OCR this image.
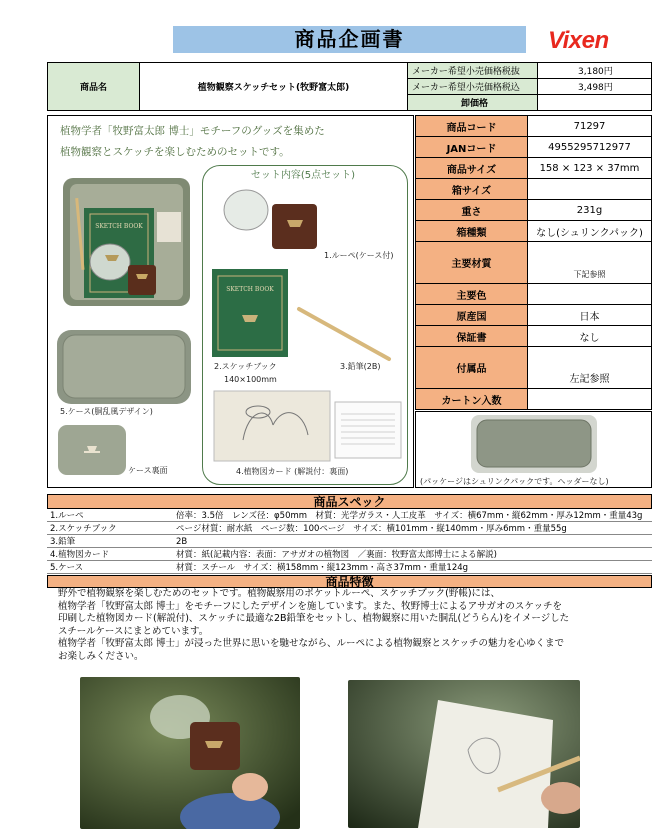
商品企画書	Vixen
商品名	植物観察スケッチセット(牧野富太郎)	メーカー希望小売価格税抜	3,180円
		メーカー希望小売価格税込	3,498円
		卸価格	
植物学者「牧野富太郎 博士」モチーフのグッズを集めた
植物観察とスケッチを楽しむためのセットです。
SKETCH BOOK
5.ケース(胴乱風デザイン)
ケース裏面
セット内容(5点セット)
1.ルーペ(ケース付)
SKETCH BOOK
2.スケッチブック
140×100mm
3.鉛筆(2B)
4.植物図カード (解説付：裏面)
商品コード	71297
JANコード	4955295712977
商品サイズ	158 × 123 × 37mm
箱サイズ	
重さ	231g
箱種類	なし(シュリンクパック)
主要材質	下記参照
主要色	
原産国	日本
保証書	なし
付属品	左記参照
カートン入数	
(パッケージはシュリンクパックです。ヘッダーなし)
商品スペック
1.ルーペ	倍率：3.5倍　レンズ径：φ50mm　材質：光学ガラス・人工皮革　サイズ：横67mm・縦62mm・厚み12mm・重量43g
2.スケッチブック	ページ材質：耐水紙　ページ数：100ページ　サイズ：横101mm・縦140mm・厚み6mm・重量55g
3.鉛筆	2B
4.植物図カード	材質：紙(記載内容：表面：アサガオの植物図　／裏面：牧野富太郎博士による解説)
5.ケース	材質：スチール　サイズ：横158mm・縦123mm・高さ37mm・重量124g
商品特徴

野外で植物観察を楽しむためのセットです。植物観察用のポケットルーペ、スケッチブック(野帳)には、

植物学者「牧野富太郎 博士」をモチーフにしたデザインを施しています。また、牧野博士によるアサガオのスケッチを

印刷した植物図カード(解説付)、スケッチに最適な2B鉛筆をセットし、植物観察に用いた胴乱(どうらん)をイメージした

スチールケースにまとめています。

植物学者「牧野富太郎 博士」が浸った世界に思いを馳せながら、ルーペによる植物観察とスケッチの魅力を心ゆくまで

お楽しみください。
